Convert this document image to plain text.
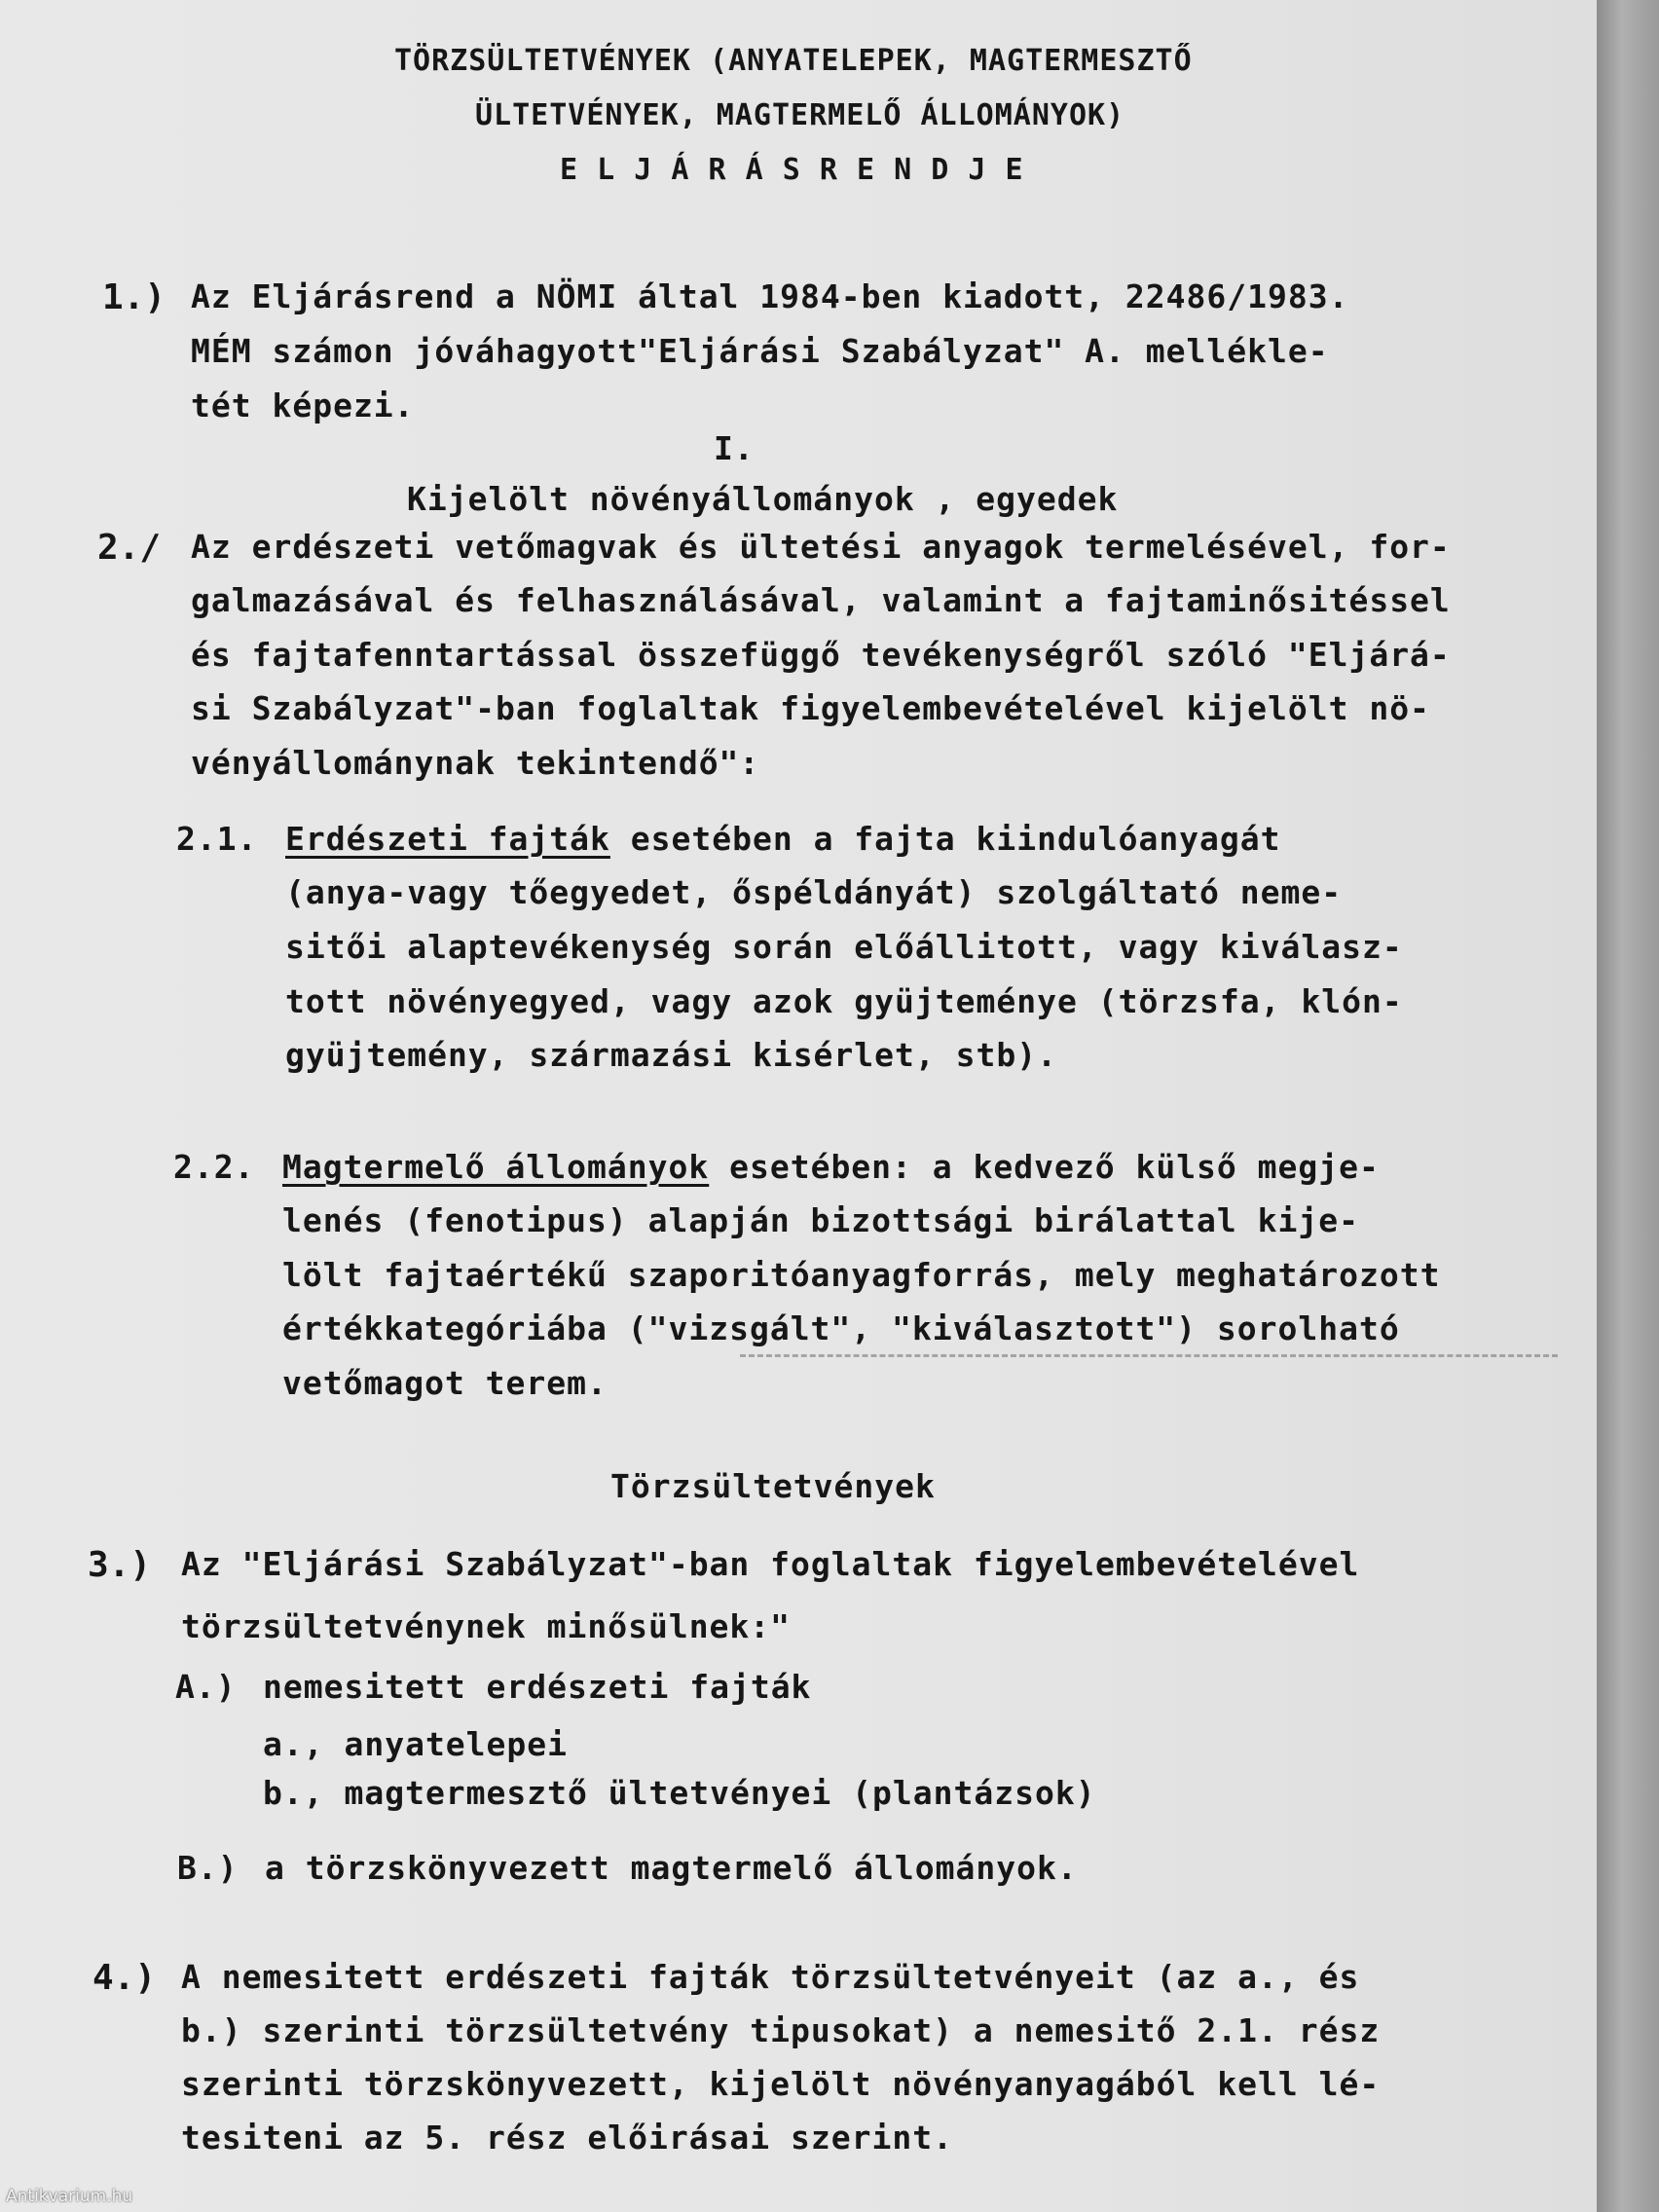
TÖRZSÜLTETVÉNYEK (ANYATELEPEK, MAGTERMESZTŐ
ÜLTETVÉNYEK, MAGTERMELŐ ÁLLOMÁNYOK)
E L J Á R Á S R E N D J E
1.) Az Eljárásrend a NÖMI által 1984-ben kiadott, 22486/1983.
MÉM számon jóváhagyott"Eljárási Szabályzat" A. mellékle-
tét képezi.
I.
Kijelölt növényállományok , egyedek
2./ Az erdészeti vetőmagvak és ültetési anyagok termelésével, for-
galmazásával és felhasználásával, valamint a fajtaminősitéssel
és fajtafenntartással összefüggő tevékenységről szóló "Eljárá-
si Szabályzat"-ban foglaltak figyelembevételével kijelölt nö-
vényállománynak tekintendő":
2.1. Erdészeti fajták esetében a fajta kiindulóanyagát
(anya-vagy tőegyedet, őspéldányát) szolgáltató neme-
sitői alaptevékenység során előállitott, vagy kiválasz-
tott növényegyed, vagy azok gyüjteménye (törzsfa, klón-
gyüjtemény, származási kisérlet, stb).
2.2. Magtermelő állományok esetében: a kedvező külső megje-
lenés (fenotipus) alapján bizottsági birálattal kije-
lölt fajtaértékű szaporitóanyagforrás, mely meghatározott
értékkategóriába ("vizsgált", "kiválasztott") sorolható
vetőmagot terem.
Törzsültetvények
3.) Az "Eljárási Szabályzat"-ban foglaltak figyelembevételével
törzsültetvénynek minősülnek:"
A.) nemesitett erdészeti fajták
a., anyatelepei
b., magtermesztő ültetvényei (plantázsok)
B.) a törzskönyvezett magtermelő állományok.
4.) A nemesitett erdészeti fajták törzsültetvényeit (az a., és
b.) szerinti törzsültetvény tipusokat) a nemesitő 2.1. rész
szerinti törzskönyvezett, kijelölt növényanyagából kell lé-
tesiteni az 5. rész előirásai szerint.
Antikvarium.hu
